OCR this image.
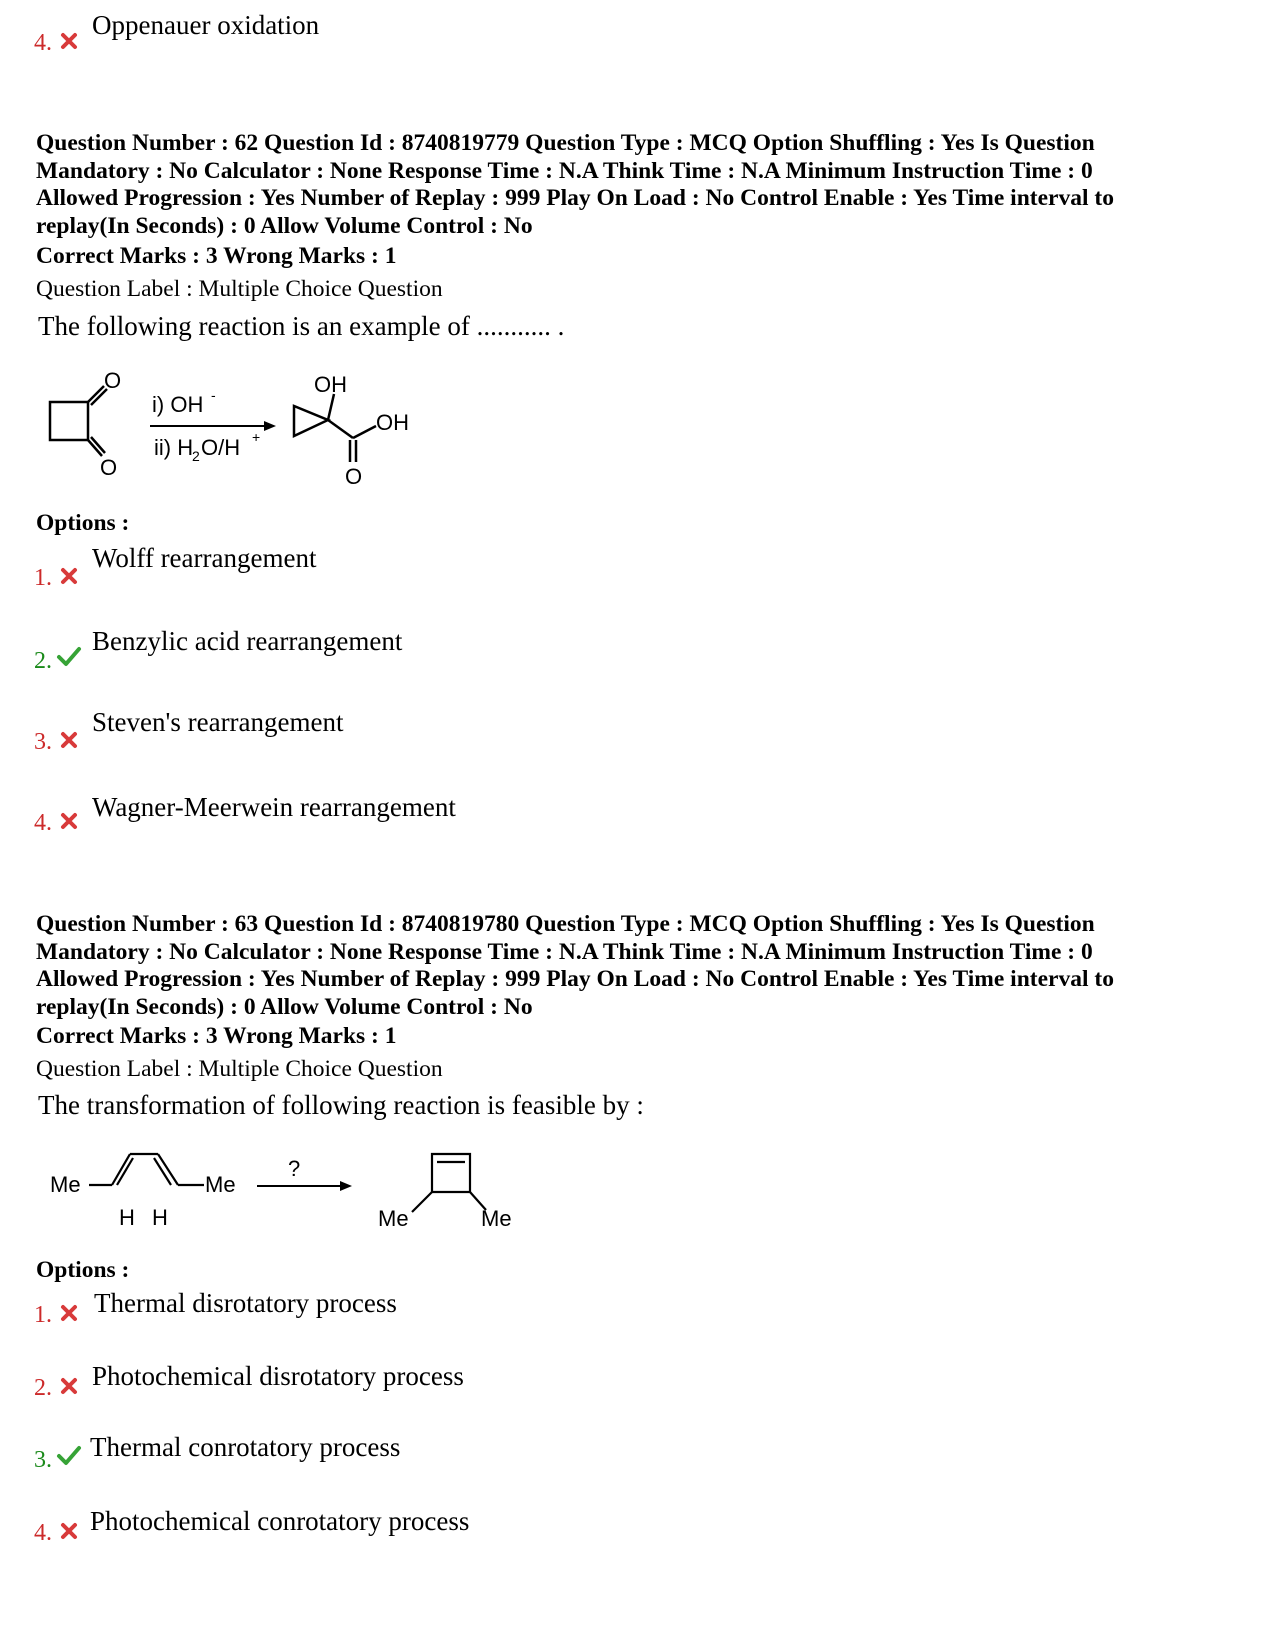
4.
Oppenauer oxidation

Question Number : 62 Question Id : 8740819779 Question Type : MCQ Option Shuffling : Yes Is Question

Mandatory : No Calculator : None Response Time : N.A Think Time : N.A Minimum Instruction Time : 0

Allowed Progression : Yes Number of Replay : 999 Play On Load : No Control Enable : Yes Time interval to

replay(In Seconds) : 0 Allow Volume Control : No

Correct Marks : 3 Wrong Marks : 1
Question Label : Multiple Choice Question
The following reaction is an example of ........... .
O
O
i) OH -
ii) H
2 O/H +
OH
OH
O
Options :
1.
Wolff rearrangement
2.
Benzylic acid rearrangement
3.
Steven's rearrangement
4.
Wagner-Meerwein rearrangement

Question Number : 63 Question Id : 8740819780 Question Type : MCQ Option Shuffling : Yes Is Question

Mandatory : No Calculator : None Response Time : N.A Think Time : N.A Minimum Instruction Time : 0

Allowed Progression : Yes Number of Replay : 999 Play On Load : No Control Enable : Yes Time interval to

replay(In Seconds) : 0 Allow Volume Control : No

Correct Marks : 3 Wrong Marks : 1
Question Label : Multiple Choice Question
The transformation of following reaction is feasible by :
Me	Me
H H
?
Me	Me
Options :
1. Thermal disrotatory process
2. Photochemical disrotatory process
3. Thermal conrotatory process
4. Photochemical conrotatory process
